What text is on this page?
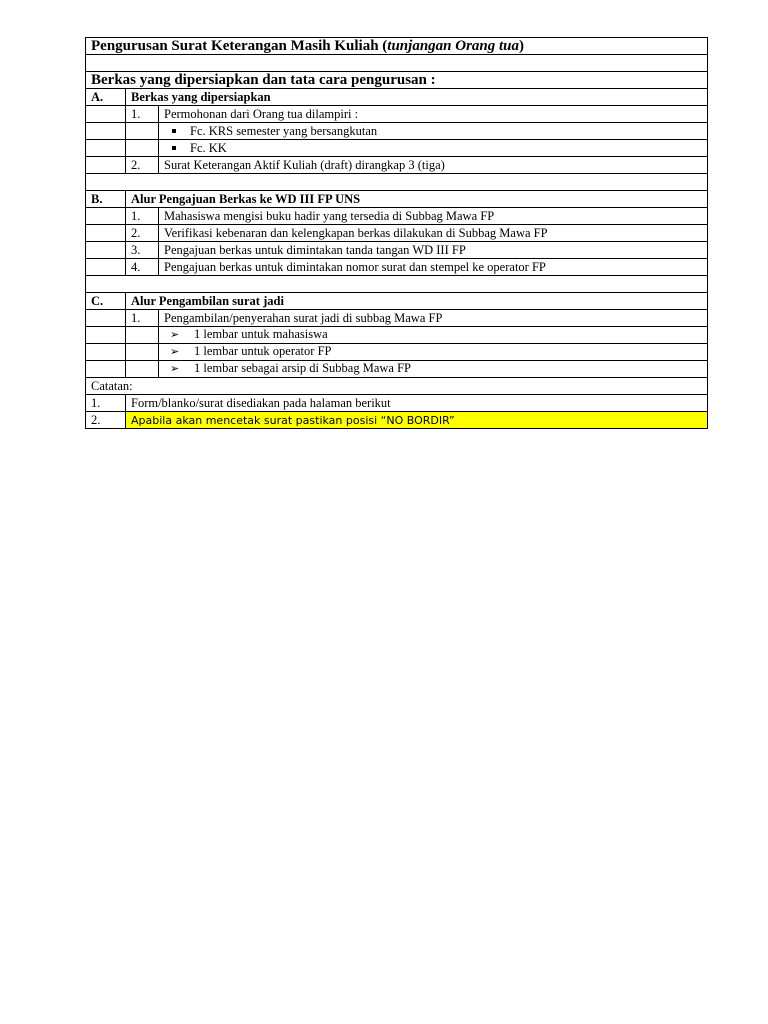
Pengurusan Surat Keterangan Masih Kuliah (tunjangan Orang tua)		

Berkas yang dipersiapkan dan tata cara pengurusan :		
A.	Berkas yang dipersiapkan	
	1.	Permohonan dari Orang tua dilampiri :
		Fc. KRS semester yang bersangkutan
		Fc. KK
	2.	Surat Keterangan Aktif Kuliah (draft) dirangkap 3 (tiga)

B.	Alur Pengajuan Berkas ke WD III FP UNS	
	1.	Mahasiswa mengisi buku hadir yang tersedia di Subbag Mawa FP
	2.	Verifikasi kebenaran dan kelengkapan berkas dilakukan di Subbag Mawa FP
	3.	Pengajuan berkas untuk dimintakan tanda tangan WD III FP
	4.	Pengajuan berkas untuk dimintakan nomor surat dan stempel ke operator FP

C.	Alur Pengambilan surat jadi	
	1.	Pengambilan/penyerahan surat jadi di subbag Mawa FP
		➢ 1 lembar untuk mahasiswa
		➢ 1 lembar untuk operator FP
		➢ 1 lembar sebagai arsip di Subbag Mawa FP
Catatan:		
1.	Form/blanko/surat disediakan pada halaman berikut	
2.	Apabila akan mencetak surat pastikan posisi “NO BORDIR”	
